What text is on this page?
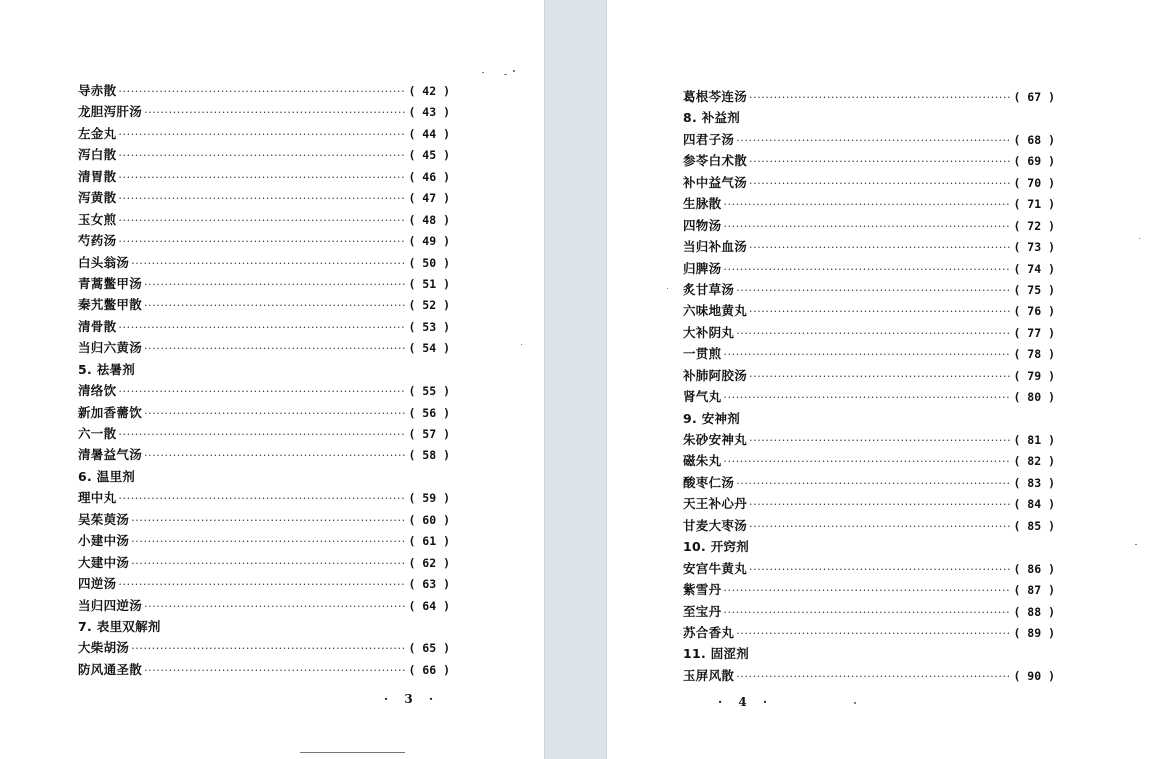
导赤散 ·····	( 42 )
龙胆泻肝汤 ·····	( 43 )
左金丸 ·····	( 44 )
泻白散 ·····	( 45 )
清胃散 ·····	( 46 )
泻黄散 ·····	( 47 )
玉女煎 ·····	( 48 )
芍药汤 ·····	( 49 )
白头翁汤 ·····	( 50 )
青蒿鳖甲汤 ·····	( 51 )
秦艽鳖甲散 ·····	( 52 )
清骨散 ·····	( 53 )
当归六黄汤 ·····	( 54 )
5. 祛暑剂
清络饮 ·····	( 55 )
新加香薷饮 ·····	( 56 )
六一散 ·····	( 57 )
清暑益气汤 ·····	( 58 )
6. 温里剂
理中丸 ·····	( 59 )
吴茱萸汤 ·····	( 60 )
小建中汤 ·····	( 61 )
大建中汤 ·····	( 62 )
四逆汤 ·····	( 63 )
当归四逆汤 ·····	( 64 )
7. 表里双解剂
大柴胡汤 ·····	( 65 )
防风通圣散 ·····	( 66 )
· 3 ·
葛根芩连汤 ·····	( 67 )
8. 补益剂
四君子汤 ·····	( 68 )
参苓白术散 ·····	( 69 )
补中益气汤 ·····	( 70 )
生脉散 ·····	( 71 )
四物汤 ·····	( 72 )
当归补血汤 ·····	( 73 )
归脾汤 ·····	( 74 )
炙甘草汤 ·····	( 75 )
六味地黄丸 ·····	( 76 )
大补阴丸 ·····	( 77 )
一贯煎 ·····	( 78 )
补肺阿胶汤 ·····	( 79 )
肾气丸 ·····	( 80 )
9. 安神剂
朱砂安神丸 ·····	( 81 )
磁朱丸 ·····	( 82 )
酸枣仁汤 ·····	( 83 )
天王补心丹 ·····	( 84 )
甘麦大枣汤 ·····	( 85 )
10. 开窍剂
安宫牛黄丸 ·····	( 86 )
紫雪丹 ·····	( 87 )
至宝丹 ·····	( 88 )
苏合香丸 ·····	( 89 )
11. 固涩剂
玉屏风散 ·····	( 90 )
· 4 ·
